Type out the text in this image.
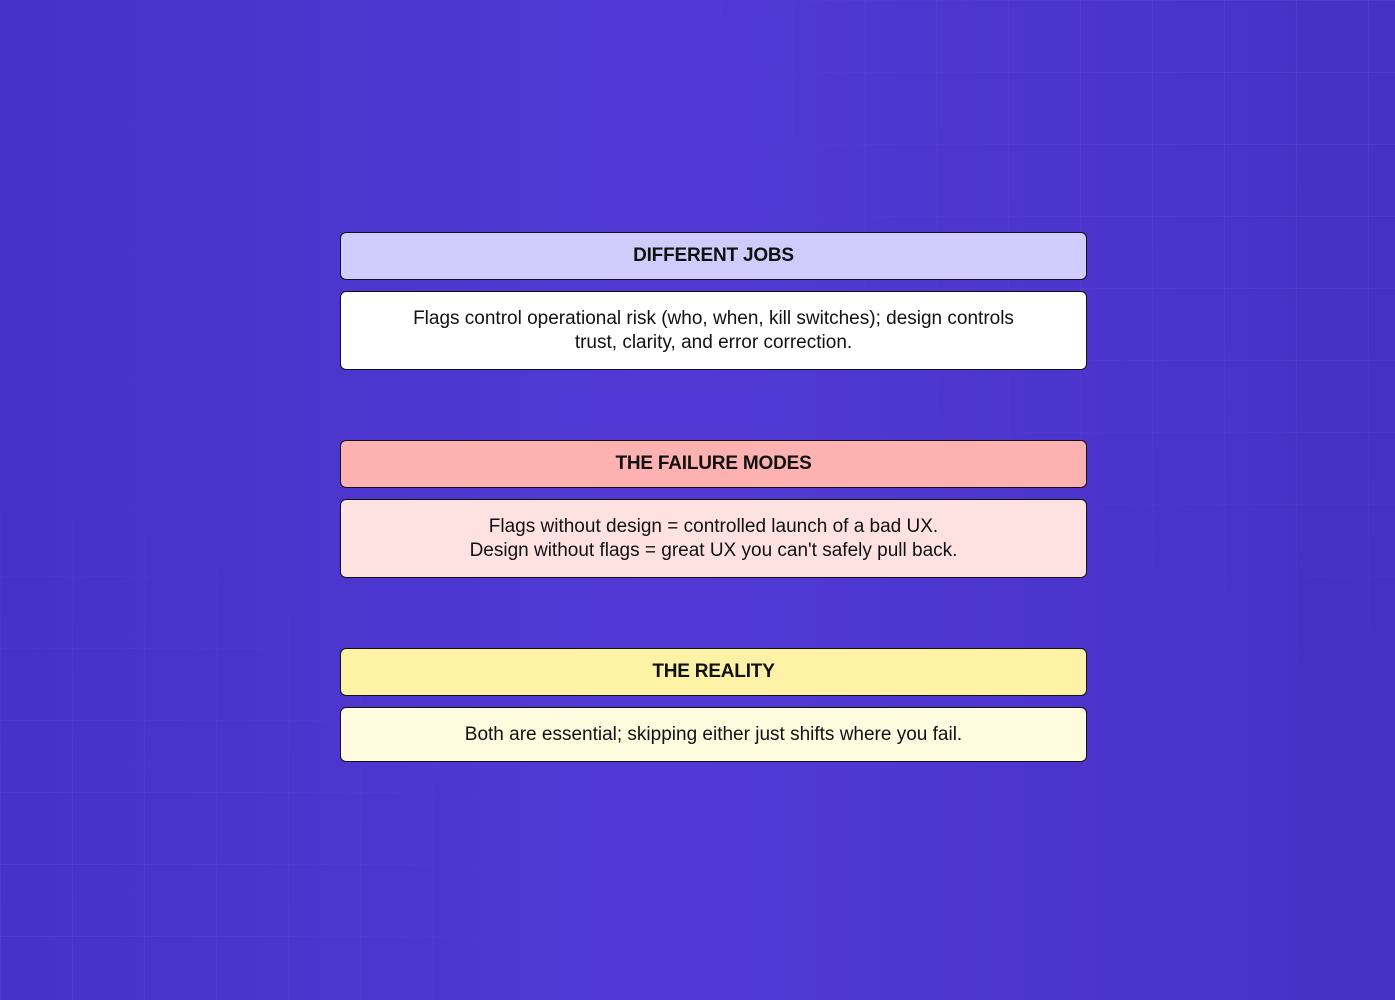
DIFFERENT JOBS
Flags control operational risk (who, when, kill switches); design controls
trust, clarity, and error correction.
THE FAILURE MODES
Flags without design = controlled launch of a bad UX.
Design without flags = great UX you can't safely pull back.
THE REALITY
Both are essential; skipping either just shifts where you fail.
